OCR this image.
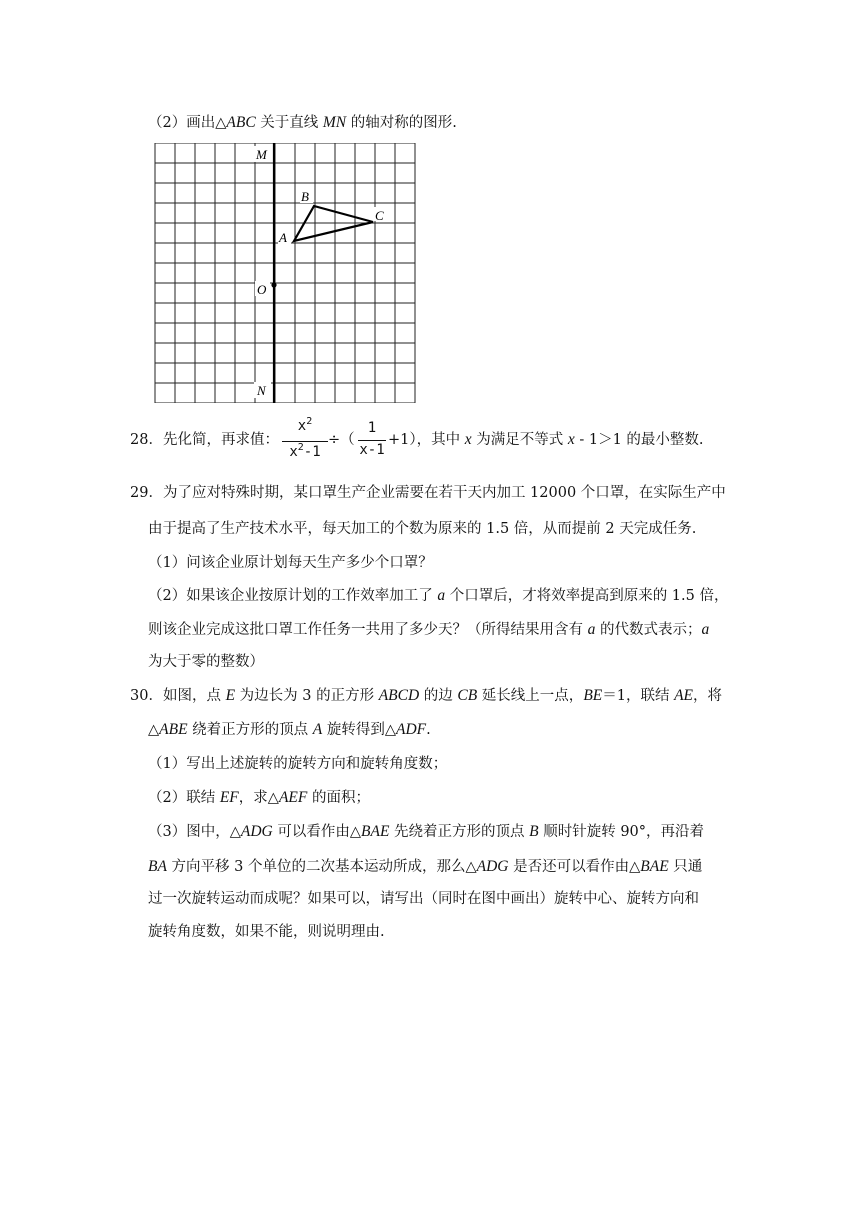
（2）画出△ABC 关于直线 MN 的轴对称的图形.
M
N
O
A
B
C
28．先化简，再求值：
$x^2$
$x^2-1$
÷（
1
x-1
+1），其中 x 为满足不等式 x - 1＞1 的最小整数.
29．为了应对特殊时期，某口罩生产企业需要在若干天内加工 12000 个口罩，在实际生产中
由于提高了生产技术水平，每天加工的个数为原来的 1.5 倍，从而提前 2 天完成任务.
（1）问该企业原计划每天生产多少个口罩？
（2）如果该企业按原计划的工作效率加工了 a 个口罩后，才将效率提高到原来的 1.5 倍，
则该企业完成这批口罩工作任务一共用了多少天？（所得结果用含有 a 的代数式表示；a
为大于零的整数）
30．如图，点 E 为边长为 3 的正方形 ABCD 的边 CB 延长线上一点，BE＝1，联结 AE，将
△ABE 绕着正方形的顶点 A 旋转得到△ADF.
（1）写出上述旋转的旋转方向和旋转角度数；
（2）联结 EF，求△AEF 的面积；
（3）图中，△ADG 可以看作由△BAE 先绕着正方形的顶点 B 顺时针旋转 90°，再沿着
BA 方向平移 3 个单位的二次基本运动所成，那么△ADG 是否还可以看作由△BAE 只通
过一次旋转运动而成呢？如果可以，请写出（同时在图中画出）旋转中心、旋转方向和
旋转角度数，如果不能，则说明理由.
